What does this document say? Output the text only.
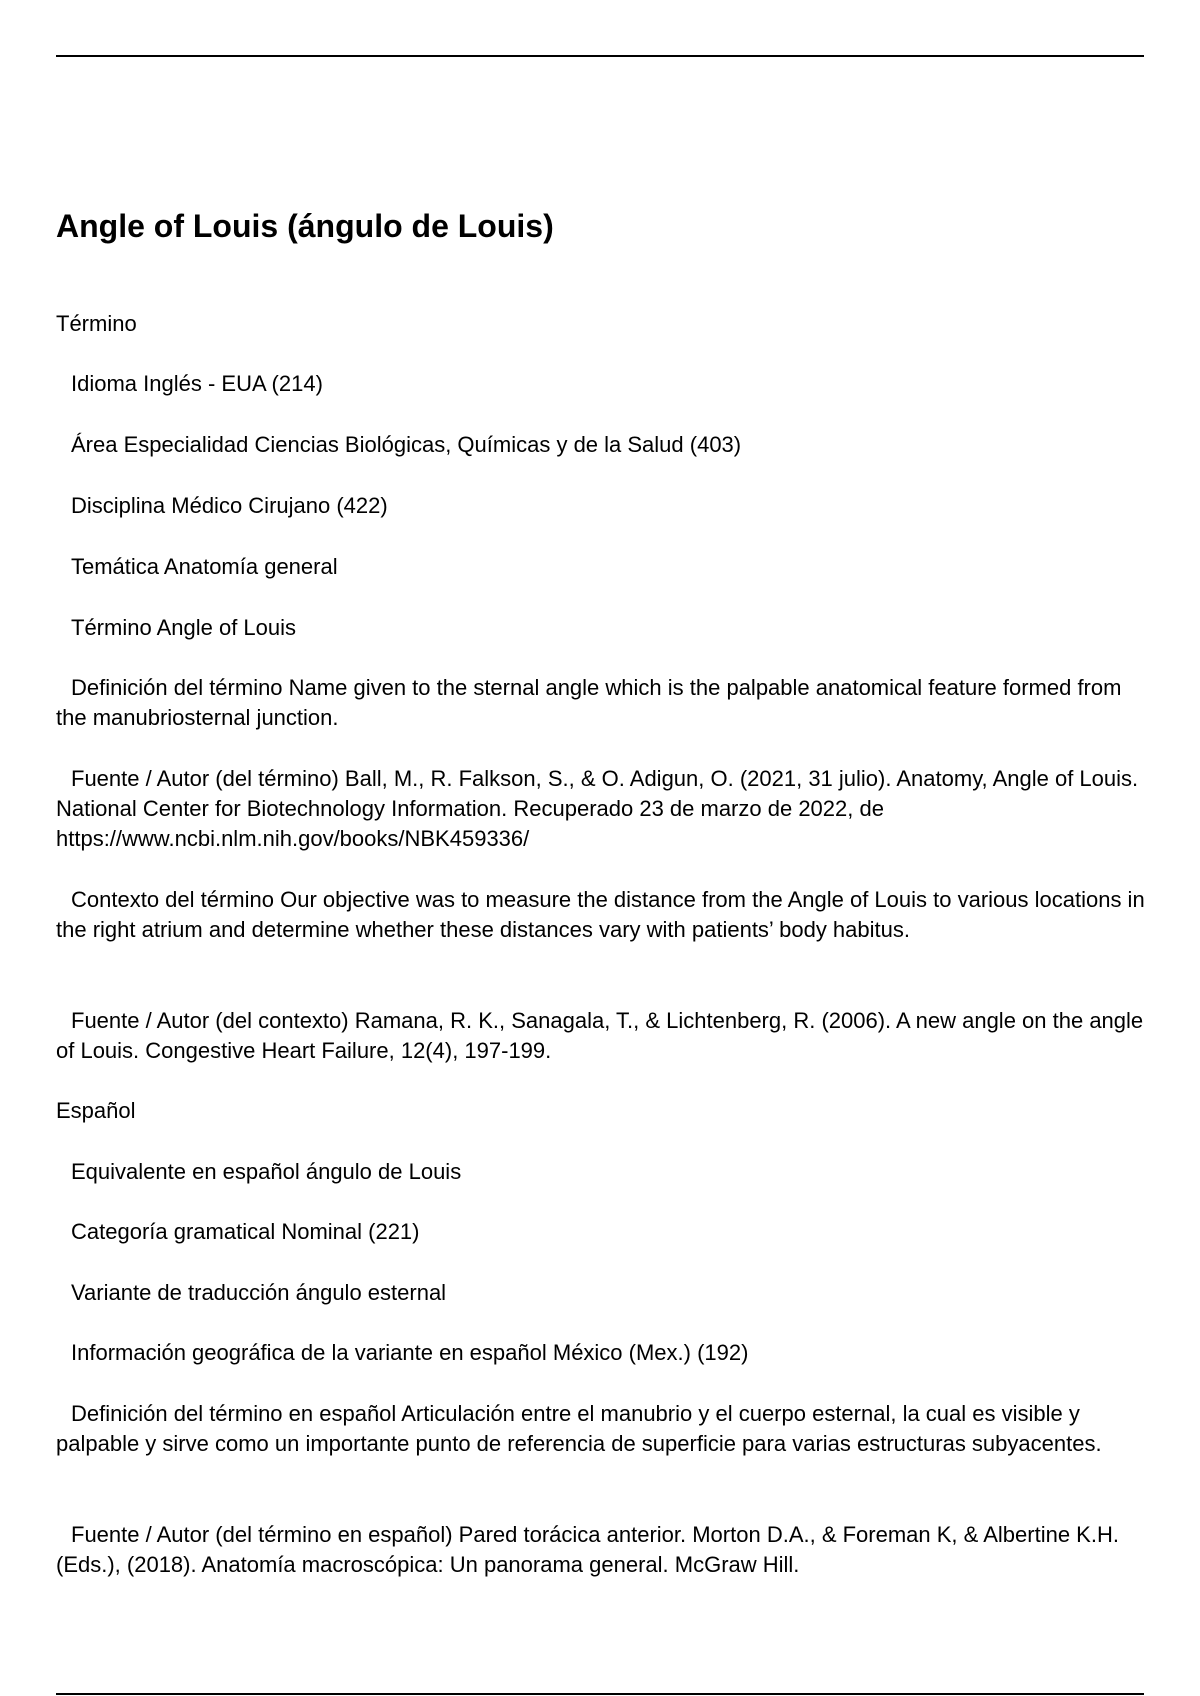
Angle of Louis (ángulo de Louis)

Término

Idioma Inglés - EUA (214)

Área Especialidad Ciencias Biológicas, Químicas y de la Salud (403)

Disciplina Médico Cirujano (422)

Temática Anatomía general

Término Angle of Louis

Definición del término Name given to the sternal angle which is the palpable anatomical feature formed from the manubriosternal junction.

Fuente / Autor (del término) Ball, M., R. Falkson, S., & O. Adigun, O. (2021, 31 julio). Anatomy, Angle of Louis. National Center for Biotechnology Information. Recuperado 23 de marzo de 2022, de https://www.ncbi.nlm.nih.gov/books/NBK459336/

Contexto del término Our objective was to measure the distance from the Angle of Louis to various locations in the right atrium and determine whether these distances vary with patients’ body habitus.

Fuente / Autor (del contexto) Ramana, R. K., Sanagala, T., & Lichtenberg, R. (2006). A new angle on the angle of Louis. Congestive Heart Failure, 12(4), 197-199.

Español

Equivalente en español ángulo de Louis

Categoría gramatical Nominal (221)

Variante de traducción ángulo esternal

Información geográfica de la variante en español México (Mex.) (192)

Definición del término en español Articulación entre el manubrio y el cuerpo esternal, la cual es visible y palpable y sirve como un importante punto de referencia de superficie para varias estructuras subyacentes.

Fuente / Autor (del término en español) Pared torácica anterior. Morton D.A., & Foreman K, & Albertine K.H.(Eds.), (2018). Anatomía macroscópica: Un panorama general. McGraw Hill.
